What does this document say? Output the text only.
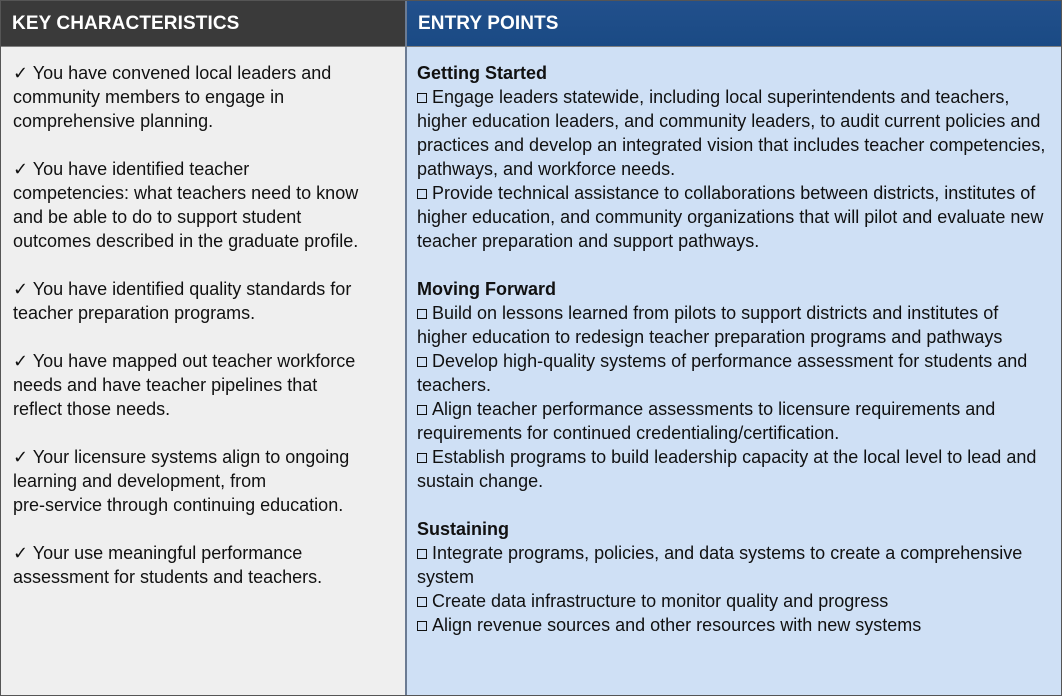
KEY CHARACTERISTICS	ENTRY POINTS

✓ You have convened local leaders and
community members to engage in
comprehensive planning.

✓ You have identified teacher
competencies: what teachers need to know
and be able to do to support student
outcomes described in the graduate profile.

✓ You have identified quality standards for
teacher preparation programs.

✓ You have mapped out teacher workforce
needs and have teacher pipelines that
reflect those needs.

✓ Your licensure systems align to ongoing
learning and development, from
pre-service through continuing education.

✓ Your use meaningful performance
assessment for students and teachers.

Getting Started

Engage leaders statewide, including local superintendents and teachers, higher education leaders, and community leaders, to audit current policies and practices and develop an integrated vision that includes teacher competencies, pathways, and workforce needs.

Provide technical assistance to collaborations between districts, institutes of higher education, and community organizations that will pilot and evaluate new teacher preparation and support pathways.

Moving Forward

Build on lessons learned from pilots to support districts and institutes of higher education to redesign teacher preparation programs and pathways

Develop high-quality systems of performance assessment for students and teachers.

Align teacher performance assessments to licensure requirements and requirements for continued credentialing/certification.

Establish programs to build leadership capacity at the local level to lead and sustain change.

Sustaining

Integrate programs, policies, and data systems to create a comprehensive system

Create data infrastructure to monitor quality and progress

Align revenue sources and other resources with new systems
